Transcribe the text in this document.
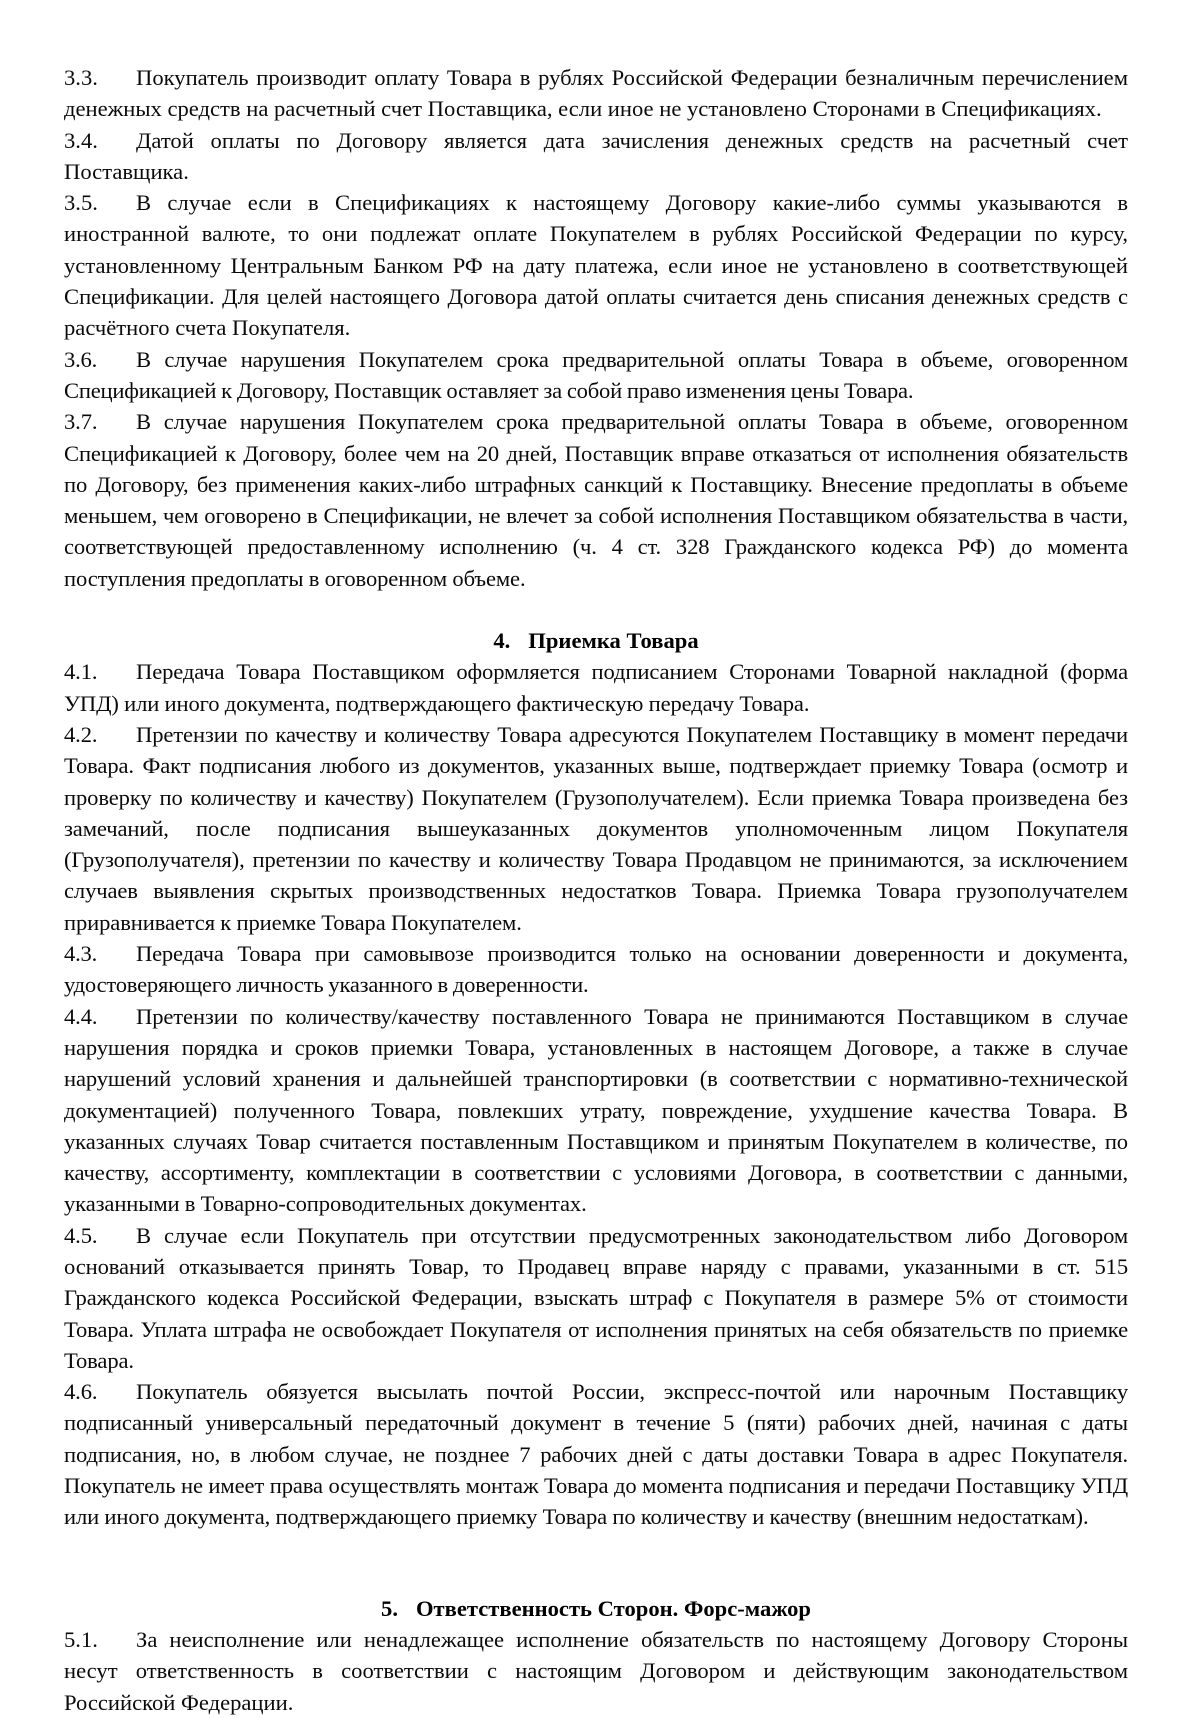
3.3. Покупатель производит оплату Товара в рублях Российской Федерации безналичным перечислением денежных средств на расчетный счет Поставщика, если иное не установлено Сторонами в Спецификациях.

3.4. Датой оплаты по Договору является дата зачисления денежных средств на расчетный счет Поставщика.

3.5. В случае если в Спецификациях к настоящему Договору какие-либо суммы указываются в иностранной валюте, то они подлежат оплате Покупателем в рублях Российской Федерации по курсу, установленному Центральным Банком РФ на дату платежа, если иное не установлено в соответствующей Спецификации. Для целей настоящего Договора датой оплаты считается день списания денежных средств с расчётного счета Покупателя.

3.6. В случае нарушения Покупателем срока предварительной оплаты Товара в объеме, оговоренном Спецификацией к Договору, Поставщик оставляет за собой право изменения цены Товара.

3.7. В случае нарушения Покупателем срока предварительной оплаты Товара в объеме, оговоренном Спецификацией к Договору, более чем на 20 дней, Поставщик вправе отказаться от исполнения обязательств по Договору, без применения каких-либо штрафных санкций к Поставщику. Внесение предоплаты в объеме меньшем, чем оговорено в Спецификации, не влечет за собой исполнения Поставщиком обязательства в части, соответствующей предоставленному исполнению (ч. 4 ст. 328 Гражданского кодекса РФ) до момента поступления предоплаты в оговоренном объеме.

4. Приемка Товара

4.1. Передача Товара Поставщиком оформляется подписанием Сторонами Товарной накладной (форма УПД) или иного документа, подтверждающего фактическую передачу Товара.

4.2. Претензии по качеству и количеству Товара адресуются Покупателем Поставщику в момент передачи Товара. Факт подписания любого из документов, указанных выше, подтверждает приемку Товара (осмотр и проверку по количеству и качеству) Покупателем (Грузополучателем). Если приемка Товара произведена без замечаний, после подписания вышеуказанных документов уполномоченным лицом Покупателя (Грузополучателя), претензии по качеству и количеству Товара Продавцом не принимаются, за исключением случаев выявления скрытых производственных недостатков Товара. Приемка Товара грузополучателем приравнивается к приемке Товара Покупателем.

4.3. Передача Товара при самовывозе производится только на основании доверенности и документа, удостоверяющего личность указанного в доверенности.

4.4. Претензии по количеству/качеству поставленного Товара не принимаются Поставщиком в случае нарушения порядка и сроков приемки Товара, установленных в настоящем Договоре, а также в случае нарушений условий хранения и дальнейшей транспортировки (в соответствии с нормативно-технической документацией) полученного Товара, повлекших утрату, повреждение, ухудшение качества Товара. В указанных случаях Товар считается поставленным Поставщиком и принятым Покупателем в количестве, по качеству, ассортименту, комплектации в соответствии с условиями Договора, в соответствии с данными, указанными в Товарно-сопроводительных документах.

4.5. В случае если Покупатель при отсутствии предусмотренных законодательством либо Договором оснований отказывается принять Товар, то Продавец вправе наряду с правами, указанными в ст. 515 Гражданского кодекса Российской Федерации, взыскать штраф с Покупателя в размере 5% от стоимости Товара. Уплата штрафа не освобождает Покупателя от исполнения принятых на себя обязательств по приемке Товара.

4.6. Покупатель обязуется высылать почтой России, экспресс-почтой или нарочным Поставщику подписанный универсальный передаточный документ в течение 5 (пяти) рабочих дней, начиная с даты подписания, но, в любом случае, не позднее 7 рабочих дней с даты доставки Товара в адрес Покупателя. Покупатель не имеет права осуществлять монтаж Товара до момента подписания и передачи Поставщику УПД или иного документа, подтверждающего приемку Товара по количеству и качеству (внешним недостаткам).

5. Ответственность Сторон. Форс-мажор

5.1. За неисполнение или ненадлежащее исполнение обязательств по настоящему Договору Стороны несут ответственность в соответствии с настоящим Договором и действующим законодательством Российской Федерации.
